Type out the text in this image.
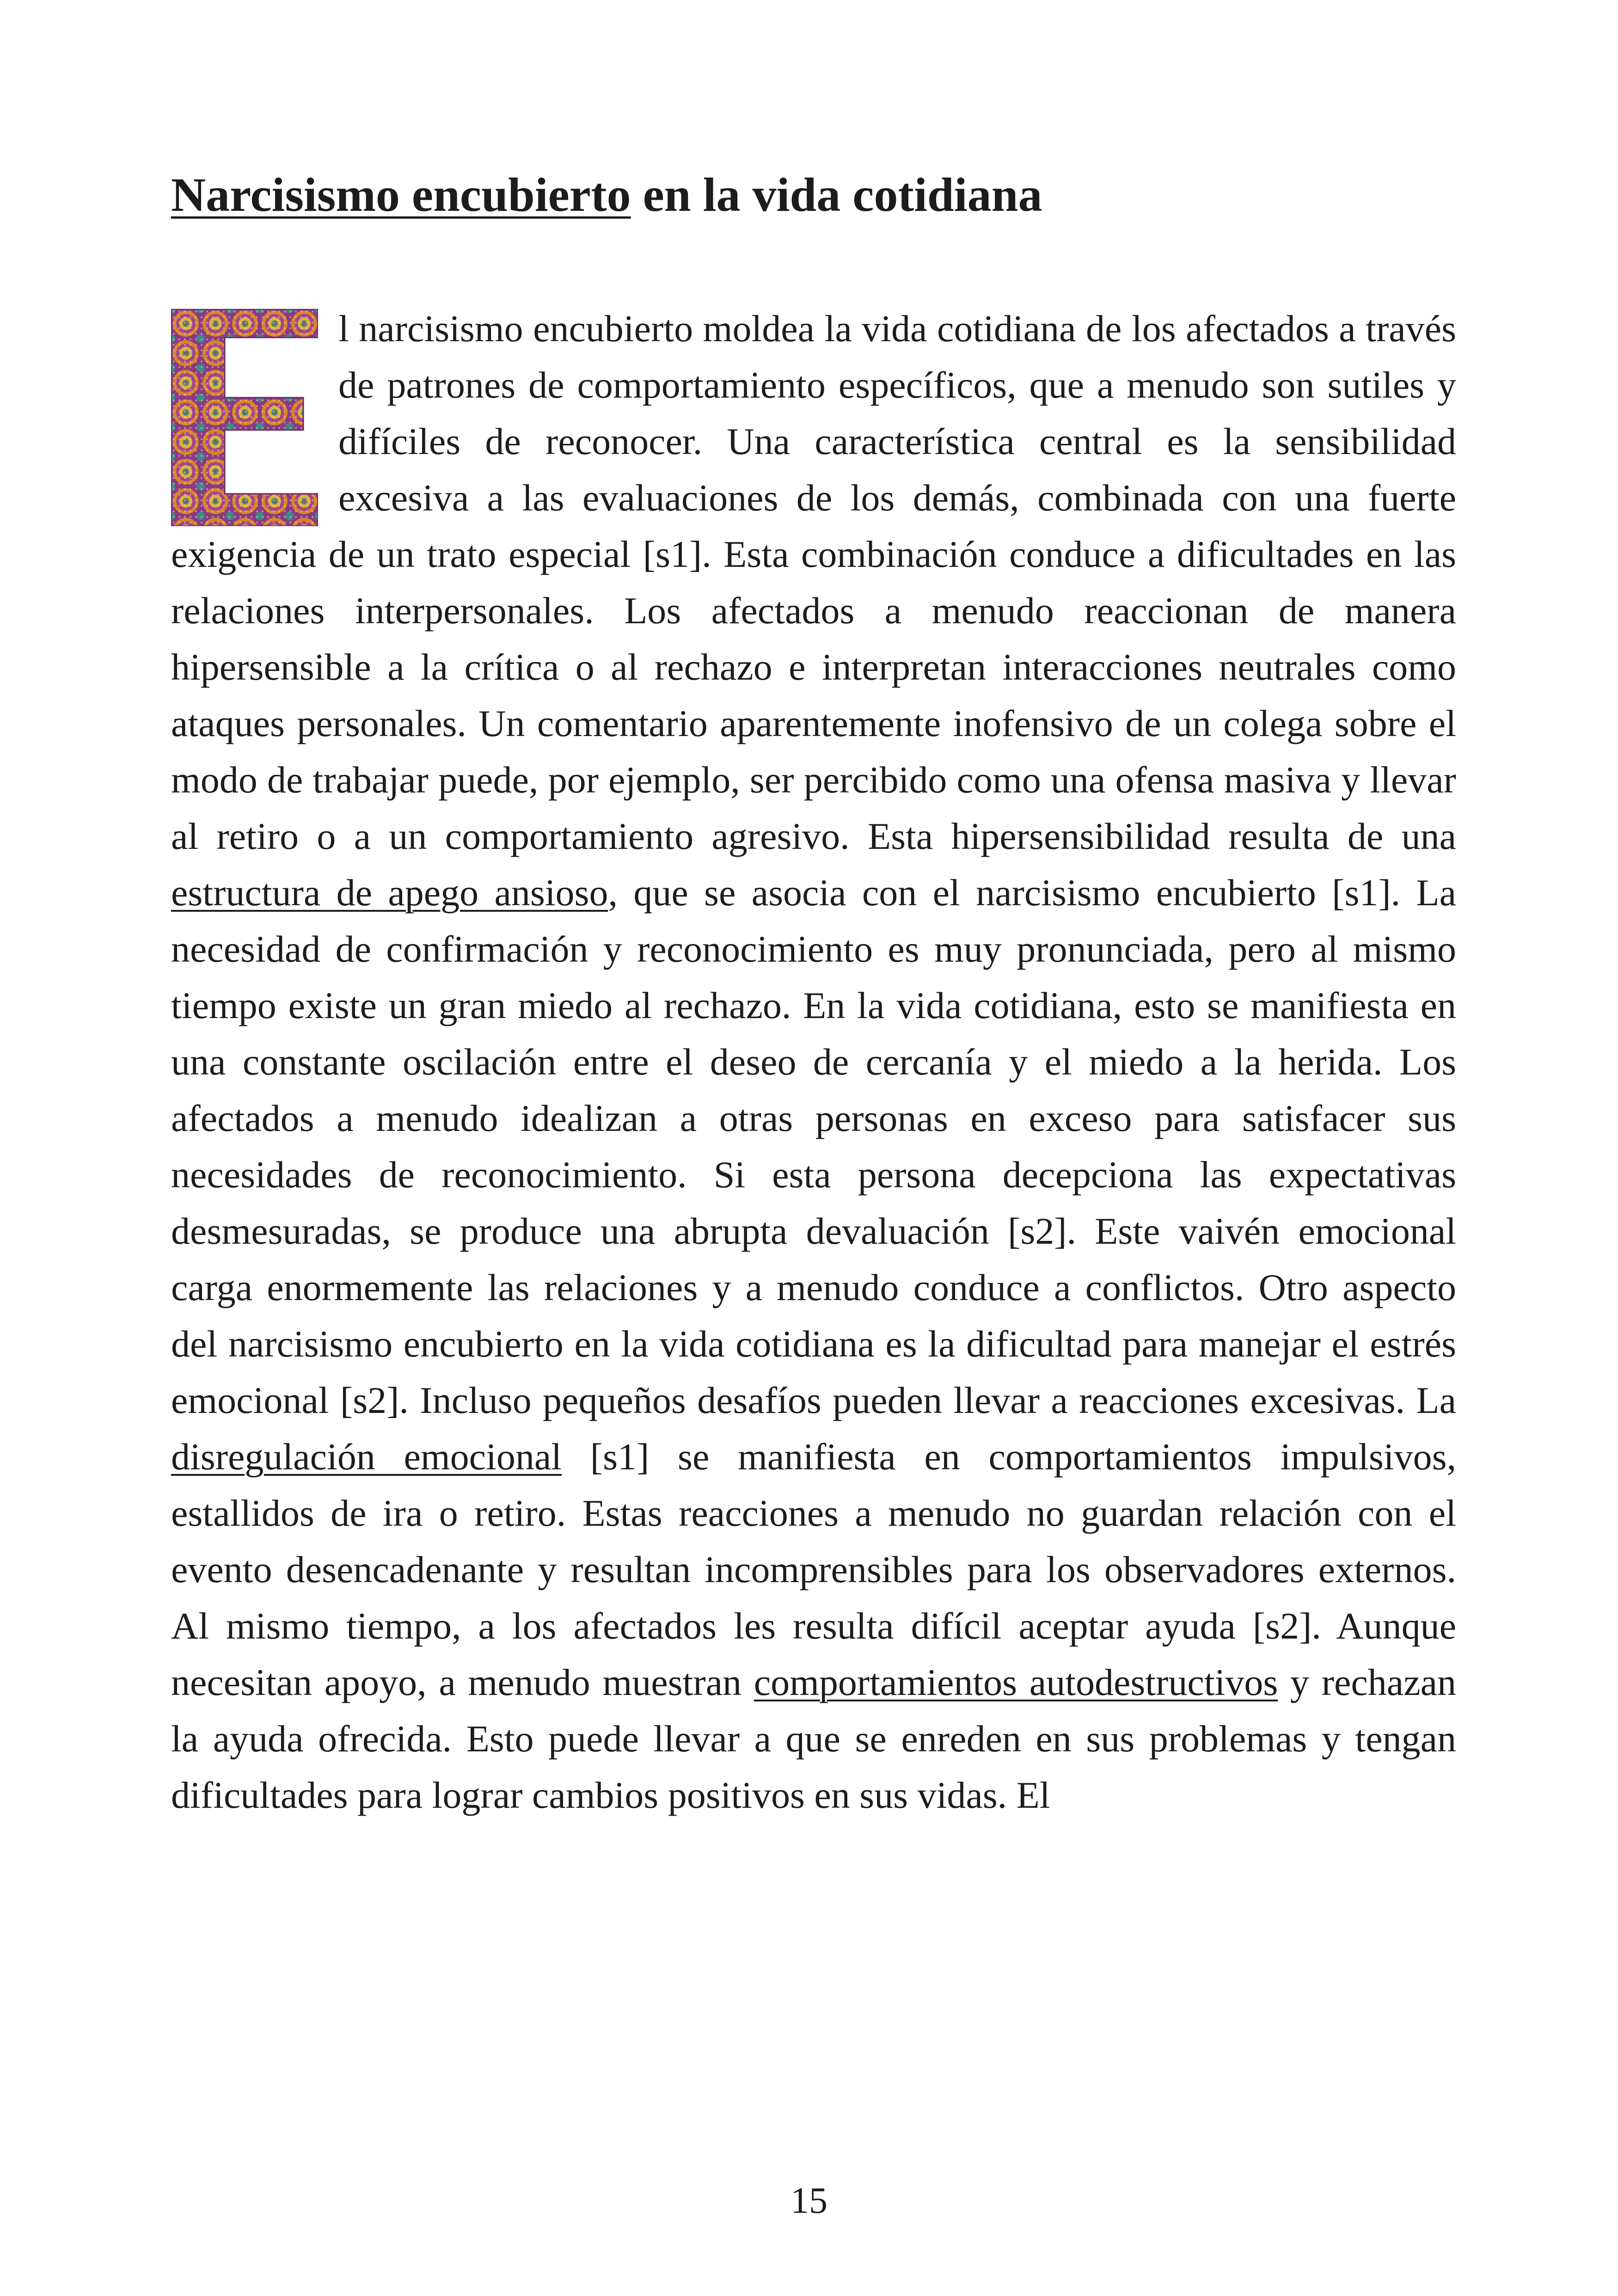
Narcisismo encubierto en la vida cotidiana

l narcisismo encubierto moldea la vida cotidiana de los afectados a través de patrones de comportamiento específicos, que a menudo son sutiles y difíciles de reconocer. Una característica central es la sensibilidad excesiva a las evaluaciones de los demás, combinada con una fuerte exigencia de un trato especial [s1]. Esta combinación conduce a dificultades en las relaciones interpersonales. Los afectados a menudo reaccionan de manera hipersensible a la crítica o al rechazo e interpretan interacciones neutrales como ataques personales. Un comentario aparentemente inofensivo de un colega sobre el modo de trabajar puede, por ejemplo, ser percibido como una ofensa masiva y llevar al retiro o a un comportamiento agresivo. Esta hipersensibilidad resulta de una estructura de apego ansioso, que se asocia con el narcisismo encubierto [s1]. La necesidad de confirmación y reconocimiento es muy pronunciada, pero al mismo tiempo existe un gran miedo al rechazo. En la vida cotidiana, esto se manifiesta en una constante oscilación entre el deseo de cercanía y el miedo a la herida. Los afectados a menudo idealizan a otras personas en exceso para satisfacer sus necesidades de reconocimiento. Si esta persona decepciona las expectativas desmesuradas, se produce una abrupta devaluación [s2]. Este vaivén emocional carga enormemente las relaciones y a menudo conduce a conflictos. Otro aspecto del narcisismo encubierto en la vida cotidiana es la dificultad para manejar el estrés emocional [s2]. Incluso pequeños desafíos pueden llevar a reacciones excesivas. La disregulación emocional [s1] se manifiesta en comportamientos impulsivos, estallidos de ira o retiro. Estas reacciones a menudo no guardan relación con el evento desencadenante y resultan incomprensibles para los observadores externos. Al mismo tiempo, a los afectados les resulta difícil aceptar ayuda [s2]. Aunque necesitan apoyo, a menudo muestran comportamientos autodestructivos y rechazan la ayuda ofrecida. Esto puede llevar a que se enreden en sus problemas y tengan dificultades para lograr cambios positivos en sus vidas. El

15
